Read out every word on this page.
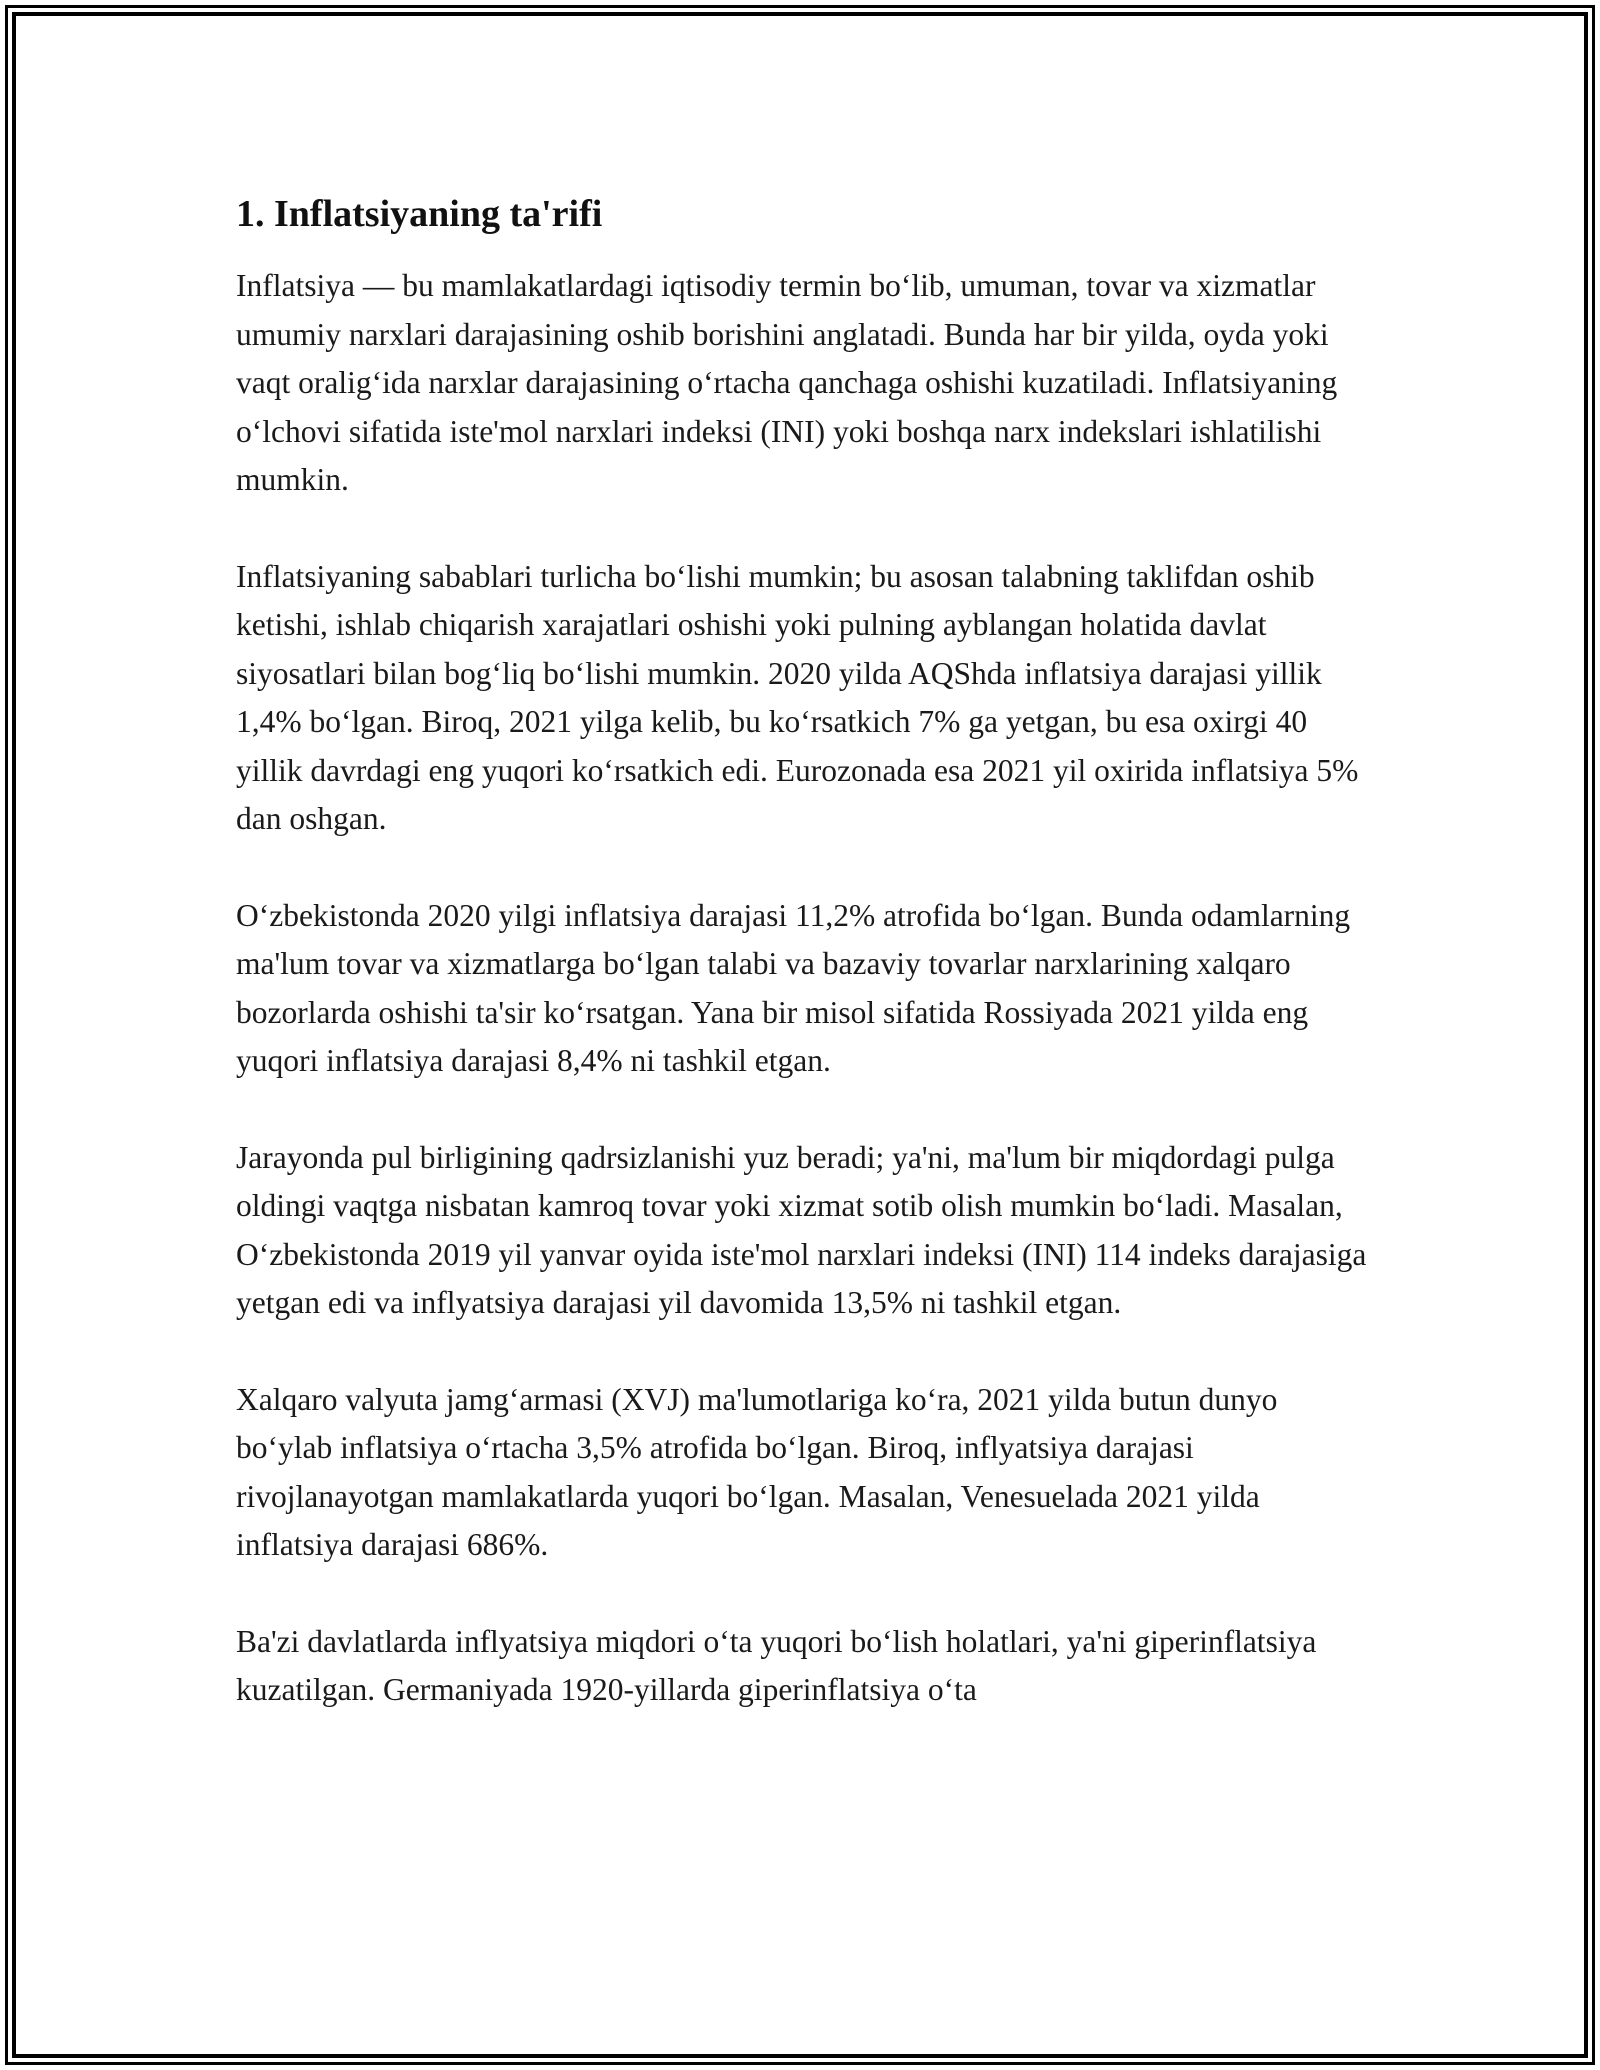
1. Inflatsiyaning ta'rifi

Inflatsiya — bu mamlakatlardagi iqtisodiy termin bo‘lib, umuman, tovar va xizmatlar umumiy narxlari darajasining oshib borishini anglatadi. Bunda har bir yilda, oyda yoki vaqt oralig‘ida narxlar darajasining o‘rtacha qanchaga oshishi kuzatiladi. Inflatsiyaning o‘lchovi sifatida iste'mol narxlari indeksi (INI) yoki boshqa narx indekslari ishlatilishi mumkin.

Inflatsiyaning sabablari turlicha bo‘lishi mumkin; bu asosan talabning taklifdan oshib ketishi, ishlab chiqarish xarajatlari oshishi yoki pulning ayblangan holatida davlat siyosatlari bilan bog‘liq bo‘lishi mumkin. 2020 yilda AQShda inflatsiya darajasi yillik 1,4% bo‘lgan. Biroq, 2021 yilga kelib, bu ko‘rsatkich 7% ga yetgan, bu esa oxirgi 40 yillik davrdagi eng yuqori ko‘rsatkich edi. Eurozonada esa 2021 yil oxirida inflatsiya 5% dan oshgan.

O‘zbekistonda 2020 yilgi inflatsiya darajasi 11,2% atrofida bo‘lgan. Bunda odamlarning ma'lum tovar va xizmatlarga bo‘lgan talabi va bazaviy tovarlar narxlarining xalqaro bozorlarda oshishi ta'sir ko‘rsatgan. Yana bir misol sifatida Rossiyada 2021 yilda eng yuqori inflatsiya darajasi 8,4% ni tashkil etgan.

Jarayonda pul birligining qadrsizlanishi yuz beradi; ya'ni, ma'lum bir miqdordagi pulga oldingi vaqtga nisbatan kamroq tovar yoki xizmat sotib olish mumkin bo‘ladi. Masalan, O‘zbekistonda 2019 yil yanvar oyida iste'mol narxlari indeksi (INI) 114 indeks darajasiga yetgan edi va inflyatsiya darajasi yil davomida 13,5% ni tashkil etgan.

Xalqaro valyuta jamg‘armasi (XVJ) ma'lumotlariga ko‘ra, 2021 yilda butun dunyo bo‘ylab inflatsiya o‘rtacha 3,5% atrofida bo‘lgan. Biroq, inflyatsiya darajasi rivojlanayotgan mamlakatlarda yuqori bo‘lgan. Masalan, Venesuelada 2021 yilda inflatsiya darajasi 686%.

Ba'zi davlatlarda inflyatsiya miqdori o‘ta yuqori bo‘lish holatlari, ya'ni giperinflatsiya kuzatilgan. Germaniyada 1920-yillarda giperinflatsiya o‘ta
